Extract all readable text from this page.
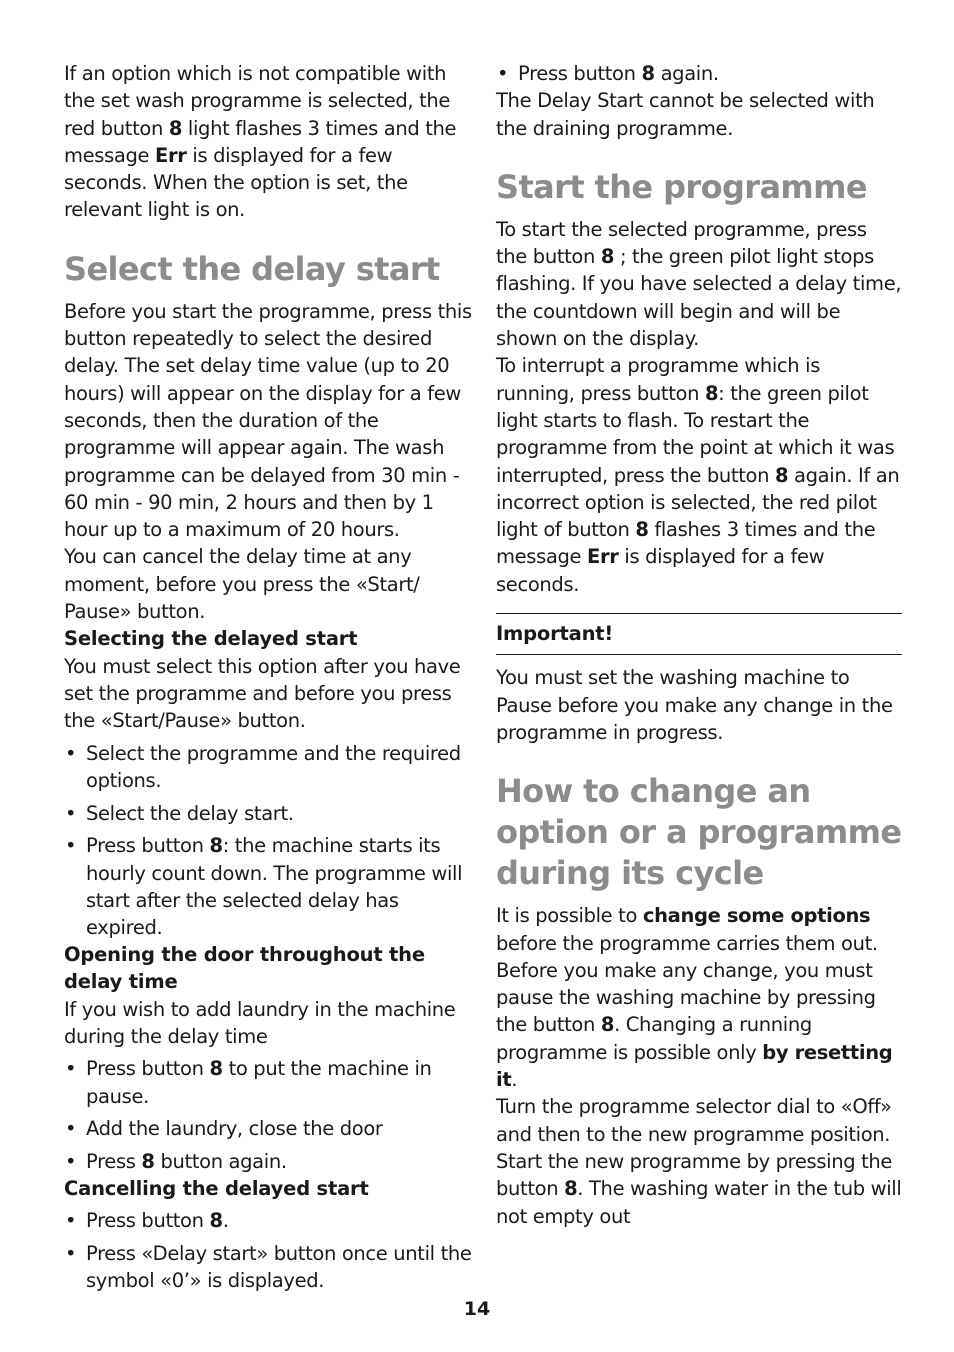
If an option which is not compatible with the set wash programme is selected, the red button 8 light flashes 3 times and the message Err is displayed for a few seconds. When the option is set, the relevant light is on.

Select the delay start

Before you start the programme, press this button repeatedly to select the desired delay. The set delay time value (up to 20 hours) will appear on the display for a few seconds, then the duration of the programme will appear again. The wash programme can be delayed from 30 min - 60 min - 90 min, 2 hours and then by 1 hour up to a maximum of 20 hours.

You can cancel the delay time at any moment, before you press the «Start/ Pause» button.

Selecting the delayed start

You must select this option after you have set the programme and before you press the «Start/Pause» button.

• Select the programme and the required options.
• Select the delay start.
• Press button 8: the machine starts its hourly count down. The programme will start after the selected delay has expired.
Opening the door throughout the delay time

If you wish to add laundry in the machine during the delay time

• Press button 8 to put the machine in pause.
• Add the laundry, close the door
• Press 8 button again.
Cancelling the delayed start
• Press button 8.
• Press «Delay start» button once until the symbol «0’» is displayed.
• Press button 8 again.

The Delay Start cannot be selected with the draining programme.

Start the programme

To start the selected programme, press the button 8 ; the green pilot light stops flashing. If you have selected a delay time, the countdown will begin and will be shown on the display.

To interrupt a programme which is running, press button 8: the green pilot light starts to flash. To restart the programme from the point at which it was interrupted, press the button 8 again. If an incorrect option is selected, the red pilot light of button 8 flashes 3 times and the message Err is displayed for a few seconds.

Important!

You must set the washing machine to Pause before you make any change in the programme in progress.

How to change an option or a programme during its cycle

It is possible to change some options before the programme carries them out. Before you make any change, you must pause the washing machine by pressing the button 8. Changing a running programme is possible only by resetting it.

Turn the programme selector dial to «Off» and then to the new programme position. Start the new programme by pressing the button 8. The washing water in the tub will not empty out

14
